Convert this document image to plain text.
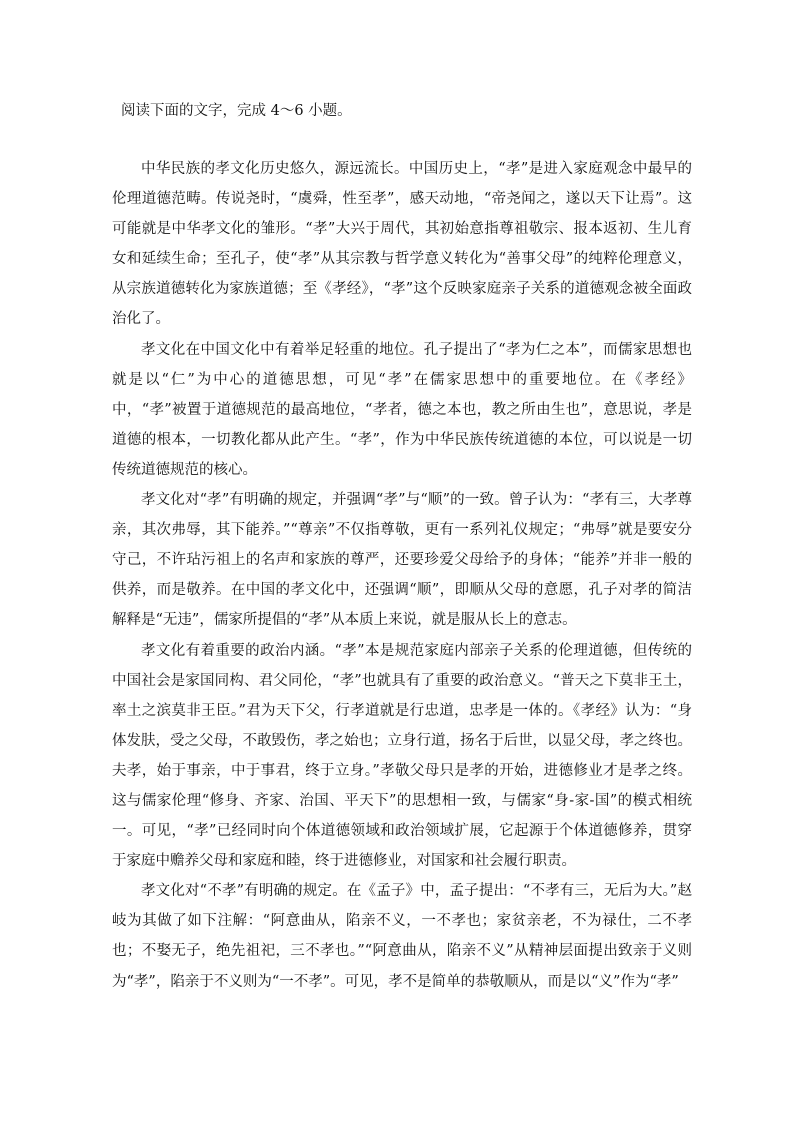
阅读下面的文字，完成 4～6 小题。

中华民族的孝文化历史悠久，源远流长。中国历史上，“孝”是进入家庭观念中最早的伦理道德范畴。传说尧时，“虞舜，性至孝”，感天动地，“帝尧闻之，遂以天下让焉”。这可能就是中华孝文化的雏形。“孝”大兴于周代，其初始意指尊祖敬宗、报本返初、生儿育女和延续生命；至孔子，使“孝”从其宗教与哲学意义转化为“善事父母”的纯粹伦理意义，从宗族道德转化为家族道德；至《孝经》，“孝”这个反映家庭亲子关系的道德观念被全面政治化了。

孝文化在中国文化中有着举足轻重的地位。孔子提出了“孝为仁之本”，而儒家思想也就是以“仁”为中心的道德思想，可见“孝”在儒家思想中的重要地位。在《孝经》中，“孝”被置于道德规范的最高地位，“孝者，德之本也，教之所由生也”，意思说，孝是道德的根本，一切教化都从此产生。“孝”，作为中华民族传统道德的本位，可以说是一切传统道德规范的核心。

孝文化对“孝”有明确的规定，并强调“孝”与“顺”的一致。曾子认为：“孝有三，大孝尊亲，其次弗辱，其下能养。”“尊亲”不仅指尊敬，更有一系列礼仪规定；“弗辱”就是要安分守己，不许玷污祖上的名声和家族的尊严，还要珍爱父母给予的身体；“能养”并非一般的供养，而是敬养。在中国的孝文化中，还强调“顺”，即顺从父母的意愿，孔子对孝的简洁解释是“无违”，儒家所提倡的“孝”从本质上来说，就是服从长上的意志。

孝文化有着重要的政治内涵。“孝”本是规范家庭内部亲子关系的伦理道德，但传统的中国社会是家国同构、君父同伦，“孝”也就具有了重要的政治意义。“普天之下莫非王土，率土之滨莫非王臣。”君为天下父，行孝道就是行忠道，忠孝是一体的。《孝经》认为：“身体发肤，受之父母，不敢毁伤，孝之始也；立身行道，扬名于后世，以显父母，孝之终也。夫孝，始于事亲，中于事君，终于立身。”孝敬父母只是孝的开始，进德修业才是孝之终。这与儒家伦理“修身、齐家、治国、平天下”的思想相一致，与儒家“身-家-国”的模式相统一。可见，“孝”已经同时向个体道德领域和政治领域扩展，它起源于个体道德修养，贯穿于家庭中赡养父母和家庭和睦，终于进德修业，对国家和社会履行职责。

孝文化对“不孝”有明确的规定。在《孟子》中，孟子提出：“不孝有三，无后为大。”赵岐为其做了如下注解：“阿意曲从，陷亲不义，一不孝也；家贫亲老，不为禄仕，二不孝也；不娶无子，绝先祖祀，三不孝也。”“阿意曲从，陷亲不义”从精神层面提出致亲于义则为“孝”，陷亲于不义则为“一不孝”。可见，孝不是简单的恭敬顺从，而是以“义”作为“孝”
